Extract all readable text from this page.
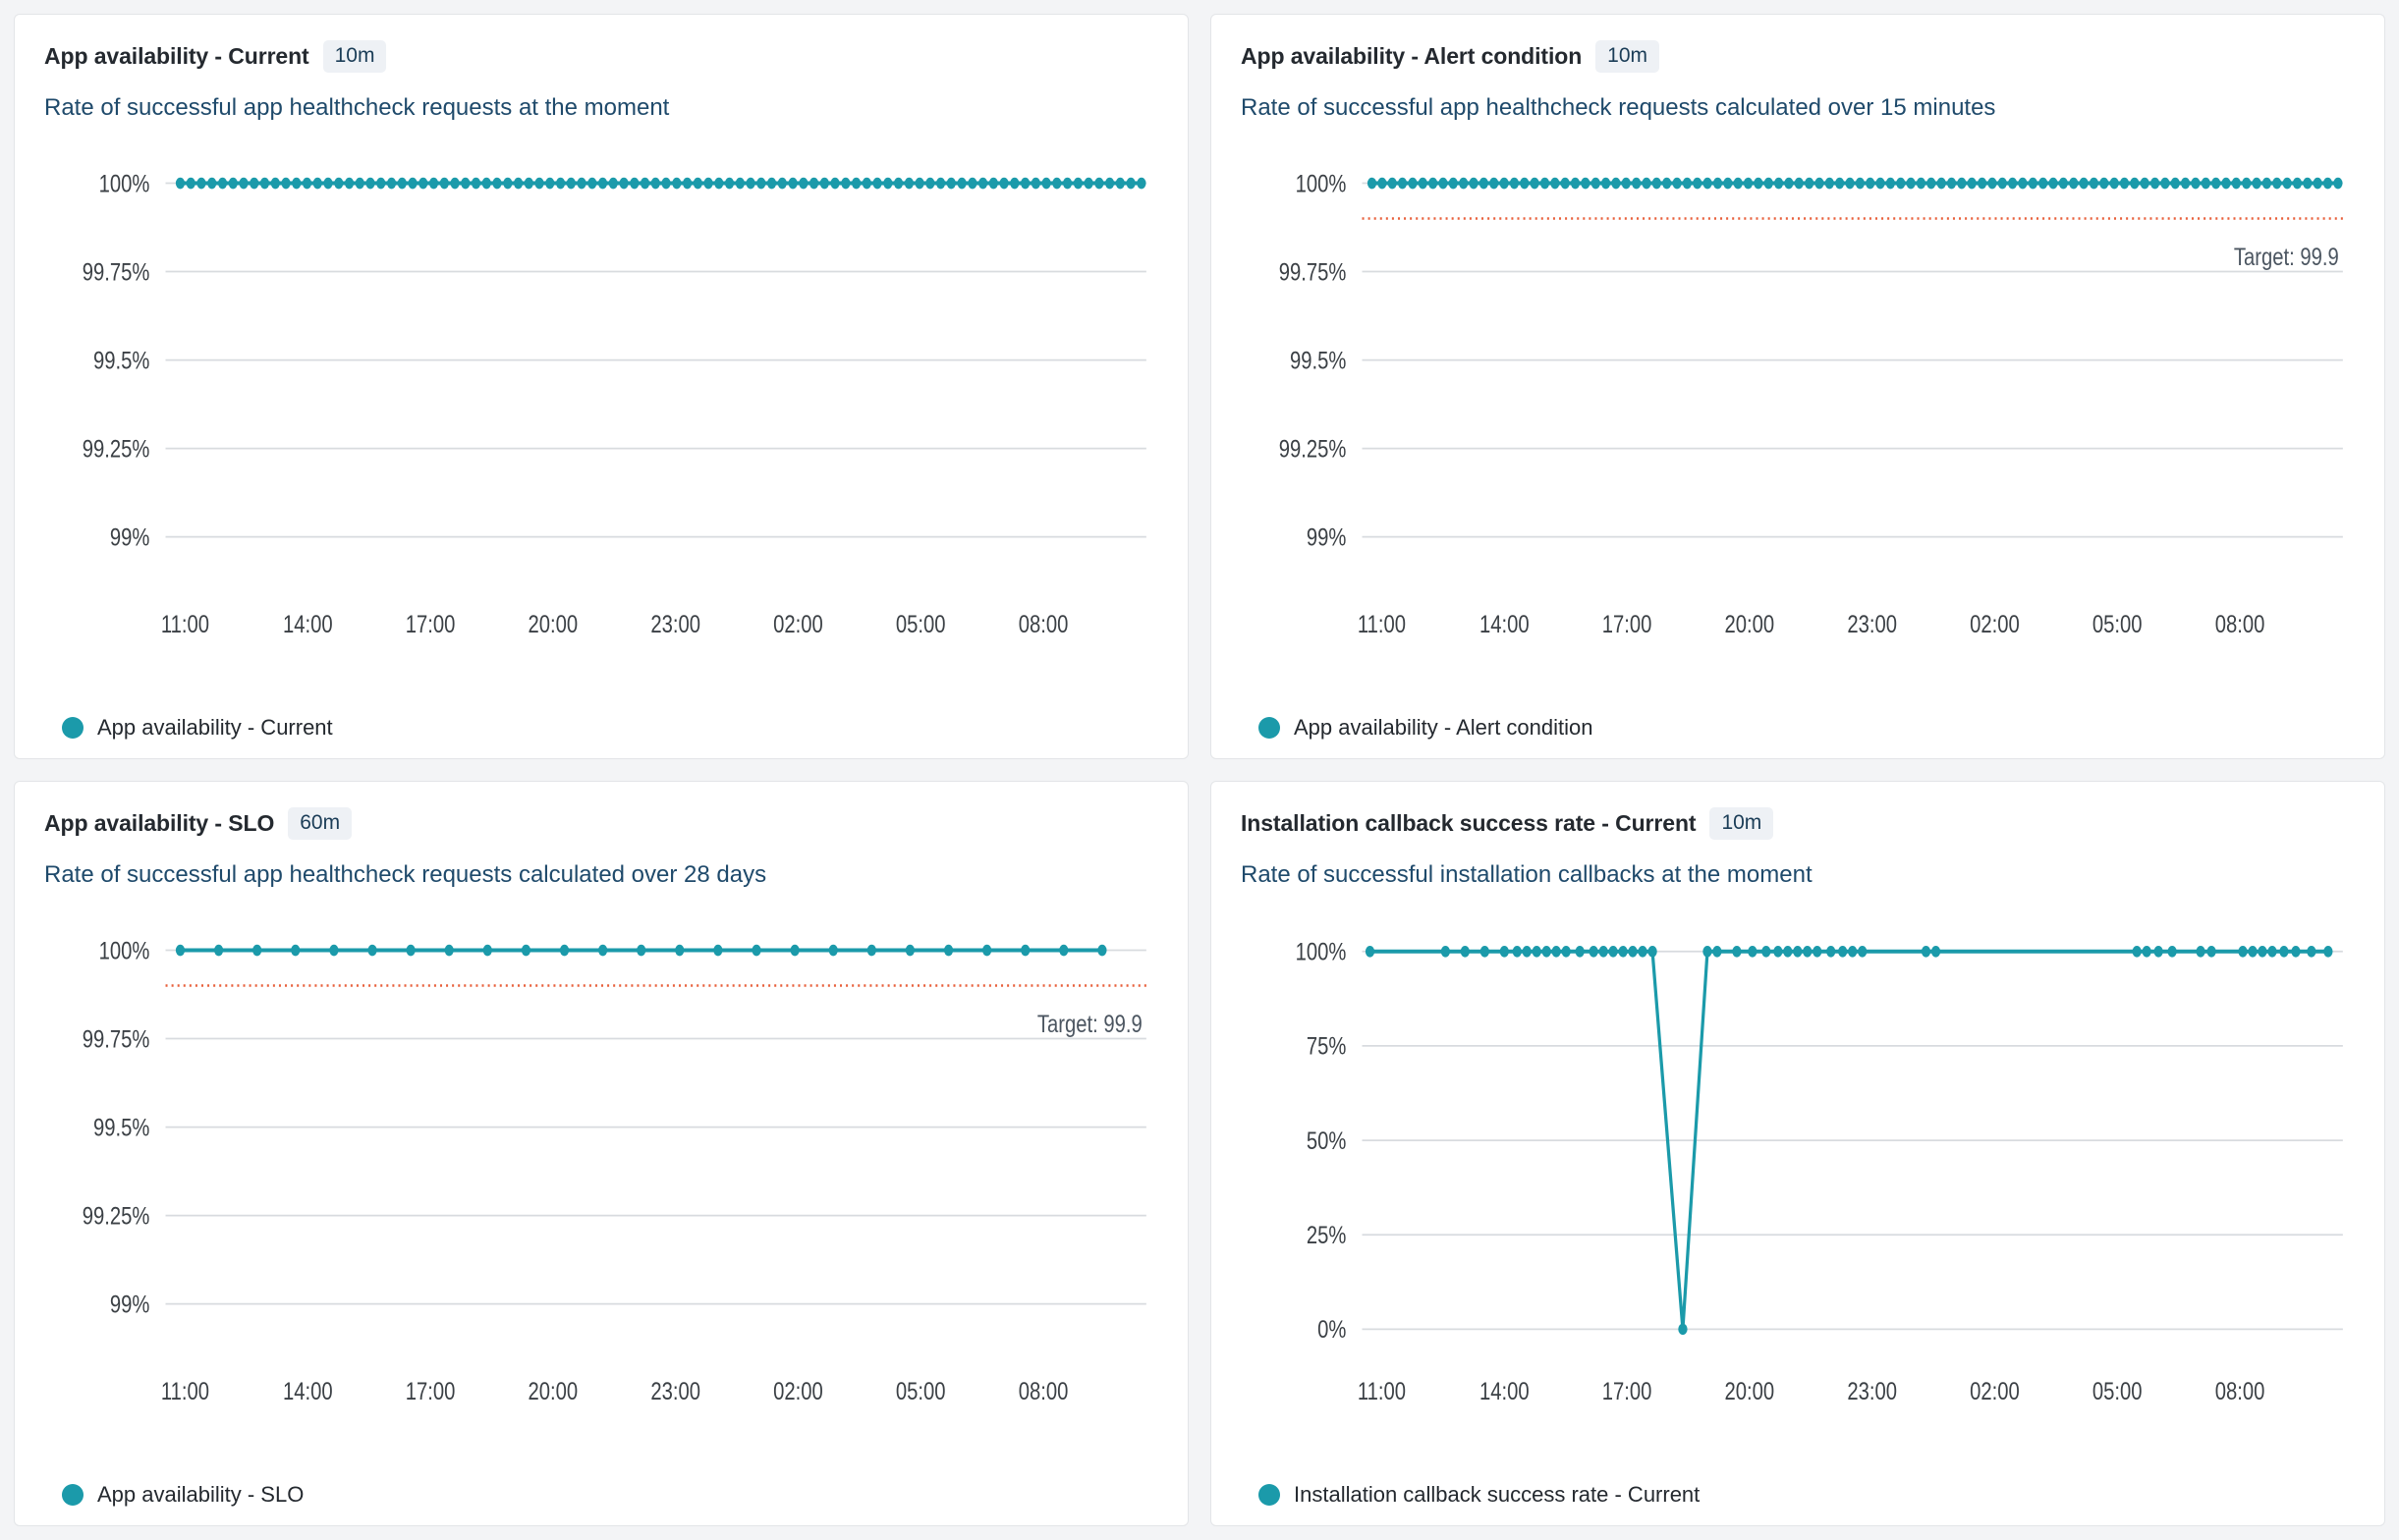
App availability - Current	10m
Rate of successful app healthcheck requests at the moment
99%
99.25%
99.5%
99.75%
100%
11:00	14:00	17:00	20:00	23:00	02:00	05:00	08:00
App availability - Current
App availability - Alert condition	10m
Rate of successful app healthcheck requests calculated over 15 minutes
99%
99.25%
99.5%
99.75%
100%
11:00	14:00	17:00	20:00	23:00	02:00	05:00	08:00
Target: 99.9
App availability - Alert condition
App availability - SLO	60m
Rate of successful app healthcheck requests calculated over 28 days
99%
99.25%
99.5%
99.75%
100%
11:00	14:00	17:00	20:00	23:00	02:00	05:00	08:00
Target: 99.9
App availability - SLO
Installation callback success rate - Current	10m
Rate of successful installation callbacks at the moment
0%
25%
50%
75%
100%
11:00	14:00	17:00	20:00	23:00	02:00	05:00	08:00
Installation callback success rate - Current
